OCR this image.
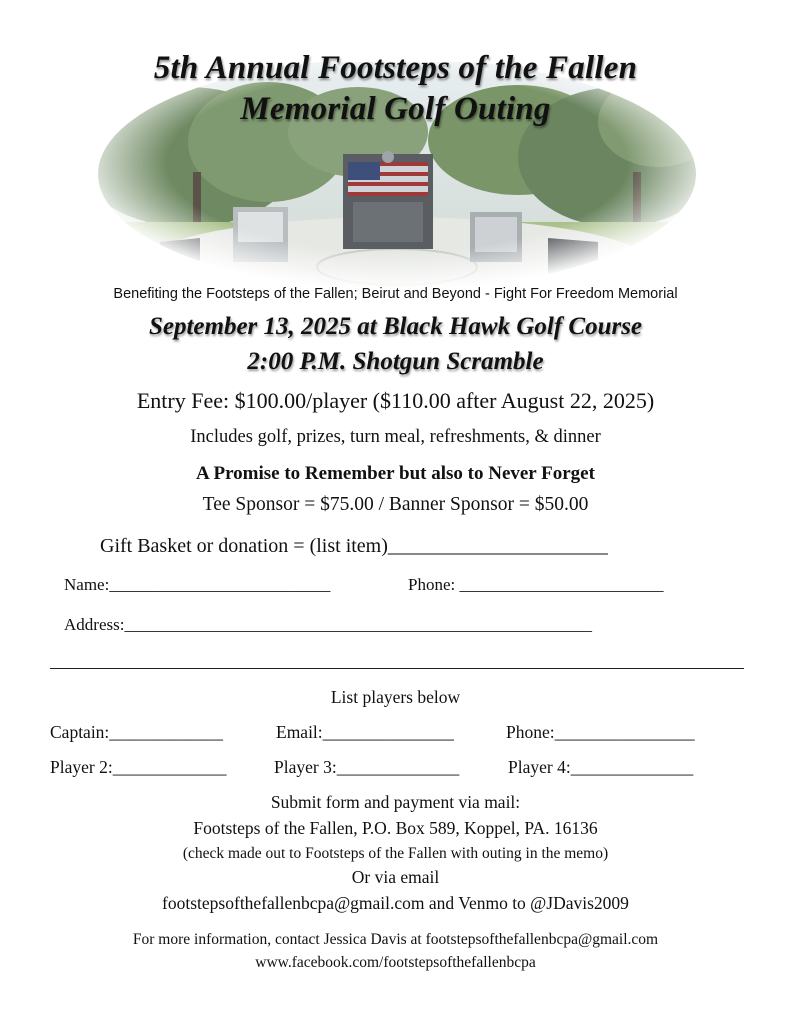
5th Annual Footsteps of the Fallen
Memorial Golf Outing
Benefiting the Footsteps of the Fallen; Beirut and Beyond - Fight For Freedom Memorial
September 13, 2025 at Black Hawk Golf Course
2:00 P.M. Shotgun Scramble
Entry Fee: $100.00/player ($110.00 after August 22, 2025)
Includes golf, prizes, turn meal, refreshments, & dinner
A Promise to Remember but also to Never Forget
Tee Sponsor = $75.00 / Banner Sponsor = $50.00
Gift Basket or donation = (list item)______________________
Name:__________________________	Phone: ________________________
Address:_______________________________________________________
List players below
Captain:_____________	Email:_______________	Phone:________________
Player 2:_____________	Player 3:______________	Player 4:______________
Submit form and payment via mail:
Footsteps of the Fallen, P.O. Box 589, Koppel, PA. 16136
(check made out to Footsteps of the Fallen with outing in the memo)
Or via email
footstepsofthefallenbcpa@gmail.com and Venmo to @JDavis2009
For more information, contact Jessica Davis at footstepsofthefallenbcpa@gmail.com
www.facebook.com/footstepsofthefallenbcpa
